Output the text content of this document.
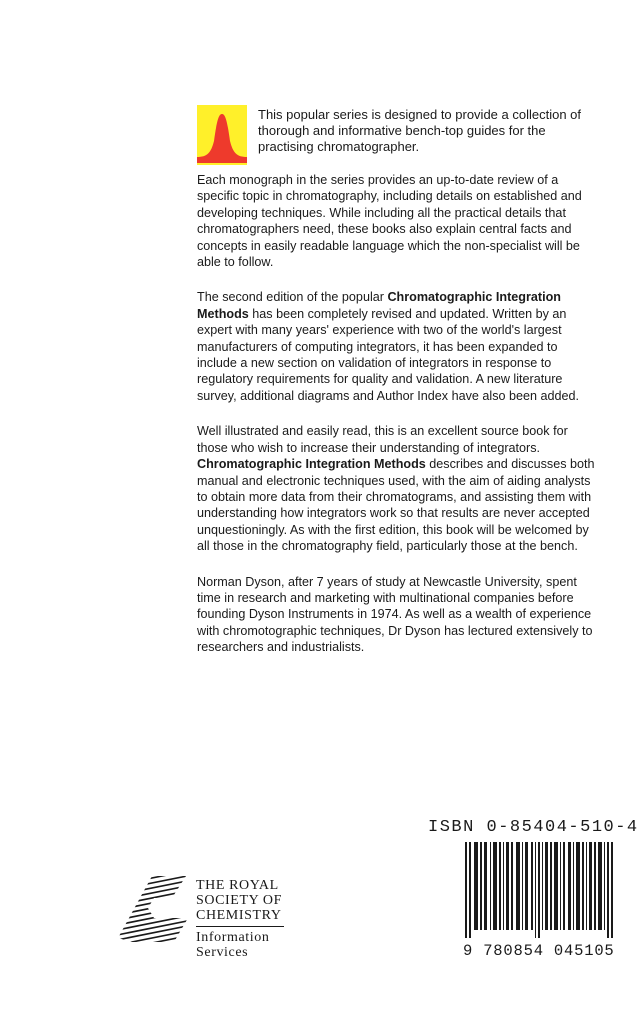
This popular series is designed to provide a collection of thorough and informative bench-top guides for the practising chromatographer.

Each monograph in the series provides an up-to-date review of a specific topic in chromatography, including details on established and developing techniques. While including all the practical details that chromatographers need, these books also explain central facts and concepts in easily readable language which the non-specialist will be able to follow.

The second edition of the popular Chromatographic Integration Methods has been completely revised and updated. Written by an expert with many years' experience with two of the world's largest manufacturers of computing integrators, it has been expanded to include a new section on validation of integrators in response to regulatory requirements for quality and validation. A new literature survey, additional diagrams and Author Index have also been added.

Well illustrated and easily read, this is an excellent source book for those who wish to increase their understanding of integrators. Chromatographic Integration Methods describes and discusses both manual and electronic techniques used, with the aim of aiding analysts to obtain more data from their chromatograms, and assisting them with understanding how integrators work so that results are never accepted unquestioningly. As with the first edition, this book will be welcomed by all those in the chromatography field, particularly those at the bench.

Norman Dyson, after 7 years of study at Newcastle University, spent time in research and marketing with multinational companies before founding Dyson Instruments in 1974. As well as a wealth of experience with chromotographic techniques, Dr Dyson has lectured extensively to researchers and industrialists.

THE ROYAL
SOCIETY OF
CHEMISTRY
Information
Services
ISBN 0-85404-510-4
9 780854 045105
